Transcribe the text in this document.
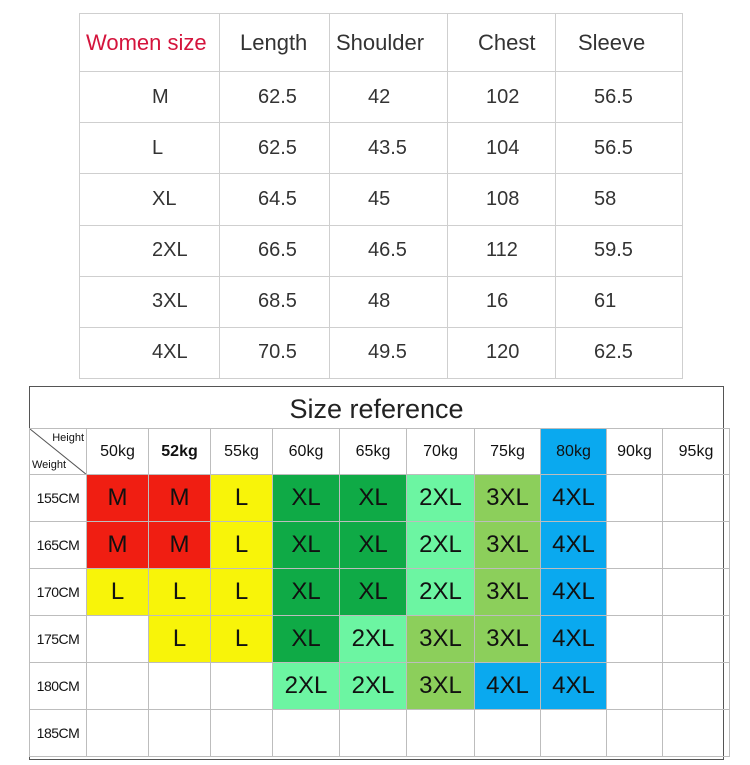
Women size	Length	Shoulder	Chest	Sleeve

M	62.5	42	102	56.5

L	62.5	43.5	104	56.5

XL	64.5	45	108	58

2XL	66.5	46.5	112	59.5

3XL	68.5	48	16	61

4XL	70.5	49.5	120	62.5
Size reference
Height
Weight	50kg	52kg	55kg	60kg	65kg	70kg	75kg	80kg	90kg	95kg
155CM	M	M	L	XL	XL	2XL	3XL	4XL		
165CM	M	M	L	XL	XL	2XL	3XL	4XL		
170CM	L	L	L	XL	XL	2XL	3XL	4XL		
175CM		L	L	XL	2XL	3XL	3XL	4XL		
180CM				2XL	2XL	3XL	4XL	4XL		
185CM										
